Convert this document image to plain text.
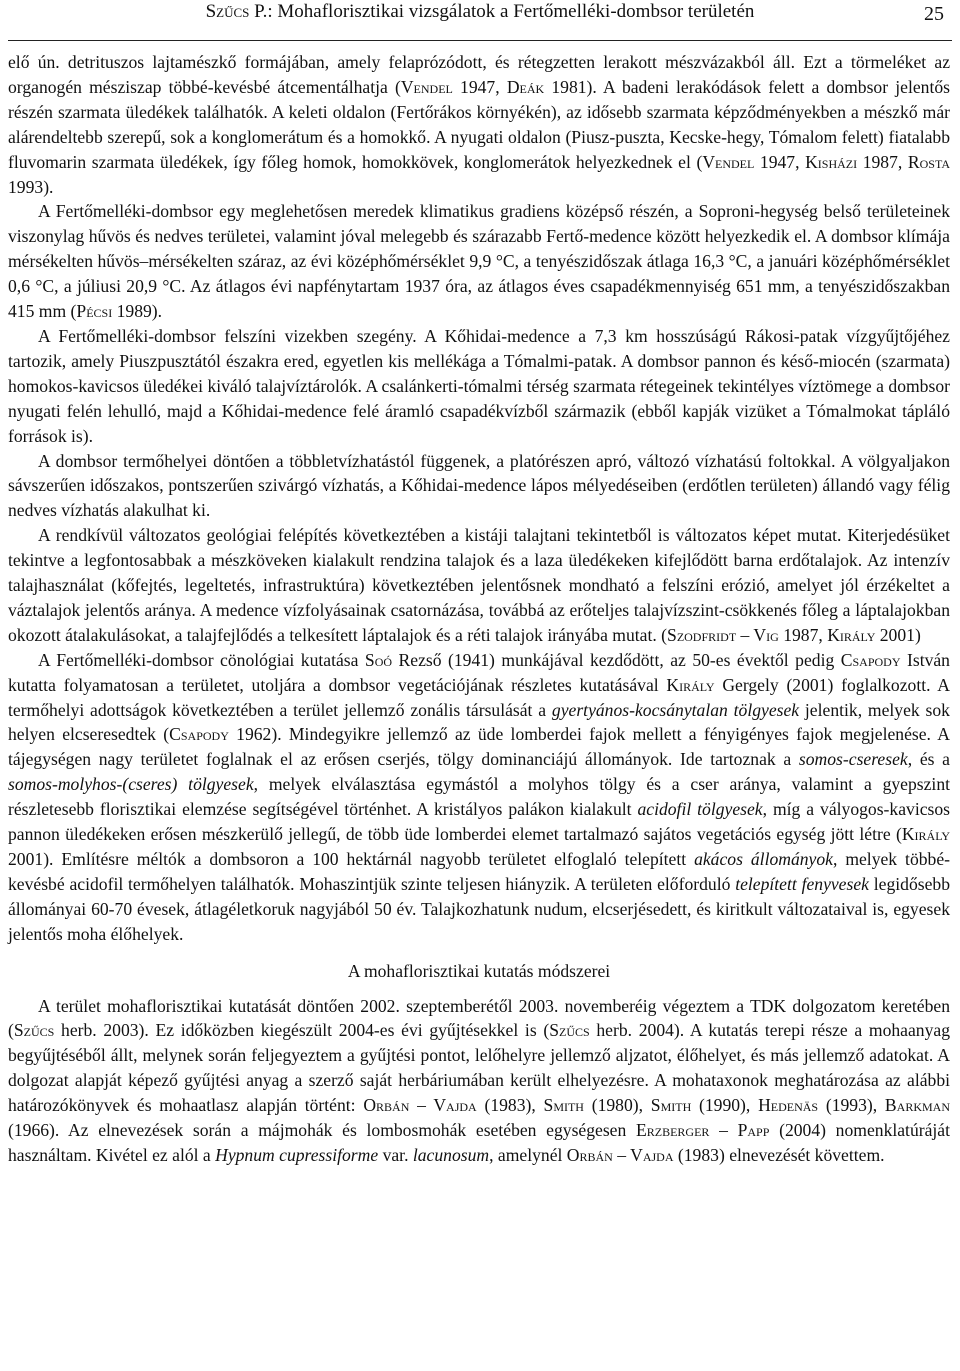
Szűcs P.: Mohaflorisztikai vizsgálatok a Fertőmelléki-dombsor területén	25

elő ún. detrituszos lajtamészkő formájában, amely felaprózódott, és rétegzetten lerakott mészvázakból áll. Ezt a törmeléket az organogén mésziszap többé-kevésbé átcementálhatja (Vendel 1947, Deák 1981). A badeni lerakódások felett a dombsor jelentős részén szarmata üledékek találhatók. A keleti oldalon (Fertőrákos környékén), az idősebb szarmata képződményekben a mészkő már alárendeltebb szerepű, sok a konglomerátum és a homokkő. A nyugati oldalon (Piusz-puszta, Kecske-hegy, Tómalom felett) fiatalabb fluvomarin szarmata üledékek, így főleg homok, homokkövek, konglomerátok helyezkednek el (Vendel 1947, Kisházi 1987, Rosta 1993).

A Fertőmelléki-dombsor egy meglehetősen meredek klimatikus gradiens középső részén, a Soproni-hegység belső területeinek viszonylag hűvös és nedves területei, valamint jóval melegebb és szárazabb Fertő-medence között helyezkedik el. A dombsor klímája mérsékelten hűvös–mérsékelten száraz, az évi középhőmérséklet 9,9 °C, a tenyészidőszak átlaga 16,3 °C, a januári középhőmérséklet 0,6 °C, a júliusi 20,9 °C. Az átlagos évi napfénytartam 1937 óra, az átlagos éves csapadékmennyiség 651 mm, a tenyészidőszakban 415 mm (Pécsi 1989).

A Fertőmelléki-dombsor felszíni vizekben szegény. A Kőhidai-medence a 7,3 km hosszúságú Rákosi-patak vízgyűjtőjéhez tartozik, amely Piuszpusztától északra ered, egyetlen kis mellékága a Tómalmi-patak. A dombsor pannon és késő-miocén (szarmata) homokos-kavicsos üledékei kiváló talajvíztárolók. A csalánkerti-tómalmi térség szarmata rétegeinek tekintélyes víztömege a dombsor nyugati felén lehulló, majd a Kőhidai-medence felé áramló csapadékvízből származik (ebből kapják vizüket a Tómalmokat tápláló források is).

A dombsor termőhelyei döntően a többletvízhatástól függenek, a platórészen apró, változó vízhatású foltokkal. A völgyaljakon sávszerűen időszakos, pontszerűen szivárgó vízhatás, a Kőhidai-medence lápos mélyedéseiben (erdőtlen területen) állandó vagy félig nedves vízhatás alakulhat ki.

A rendkívül változatos geológiai felépítés következtében a kistáji talajtani tekintetből is változatos képet mutat. Kiterjedésüket tekintve a legfontosabbak a mészköveken kialakult rendzina talajok és a laza üledékeken kifejlődött barna erdőtalajok. Az intenzív talajhasználat (kőfejtés, legeltetés, infrastruktúra) következtében jelentősnek mondható a felszíni erózió, amelyet jól érzékeltet a váztalajok jelentős aránya. A medence vízfolyásainak csatornázása, továbbá az erőteljes talajvízszint-csökkenés főleg a láptalajokban okozott átalakulásokat, a talajfejlődés a telkesített láptalajok és a réti talajok irányába mutat. (Szodfridt – Vig 1987, Király 2001)

A Fertőmelléki-dombsor cönológiai kutatása Soó Rezső (1941) munkájával kezdődött, az 50-es évektől pedig Csapody István kutatta folyamatosan a területet, utoljára a dombsor vegetációjának részletes kutatásával Király Gergely (2001) foglalkozott. A termőhelyi adottságok következtében a terület jellemző zonális társulását a gyertyános-kocsánytalan tölgyesek jelentik, melyek sok helyen elcseresedtek (Csapody 1962). Mindegyikre jellemző az üde lomberdei fajok mellett a fényigényes fajok megjelenése. A tájegységen nagy területet foglalnak el az erősen cserjés, tölgy dominanciájú állományok. Ide tartoznak a somos-cseresek, és a somos-molyhos-(cseres) tölgyesek, melyek elválasztása egymástól a molyhos tölgy és a cser aránya, valamint a gyepszint részletesebb florisztikai elemzése segítségével történhet. A kristályos palákon kialakult acidofil tölgyesek, míg a vályogos-kavicsos pannon üledékeken erősen mészkerülő jellegű, de több üde lomberdei elemet tartalmazó sajátos vegetációs egység jött létre (Király 2001). Említésre méltók a dombsoron a 100 hektárnál nagyobb területet elfoglaló telepített akácos állományok, melyek többé-kevésbé acidofil termőhelyen találhatók. Mohaszintjük szinte teljesen hiányzik. A területen előforduló telepített fenyvesek legidősebb állományai 60-70 évesek, átlagéletkoruk nagyjából 50 év. Talajkozhatunk nudum, elcserjésedett, és kiritkult változataival is, egyesek jelentős moha élőhelyek.

A mohaflorisztikai kutatás módszerei

A terület mohaflorisztikai kutatását döntően 2002. szeptemberétől 2003. novemberéig végeztem a TDK dolgozatom keretében (Szűcs herb. 2003). Ez időközben kiegészült 2004-es évi gyűjtésekkel is (Szűcs herb. 2004). A kutatás terepi része a mohaanyag begyűjtéséből állt, melynek során feljegyeztem a gyűjtési pontot, lelőhelyre jellemző aljzatot, élőhelyet, és más jellemző adatokat. A dolgozat alapját képező gyűjtési anyag a szerző saját herbáriumában került elhelyezésre. A mohataxonok meghatározása az alábbi határozókönyvek és mohaatlasz alapján történt: Orbán – Vajda (1983), Smith (1980), Smith (1990), Hedenäs (1993), Barkman (1966). Az elnevezések során a májmohák és lombosmohák esetében egységesen Erzberger – Papp (2004) nomenklatúráját használtam. Kivétel ez alól a Hypnum cupressiforme var. lacunosum, amelynél Orbán – Vajda (1983) elnevezését követtem.
